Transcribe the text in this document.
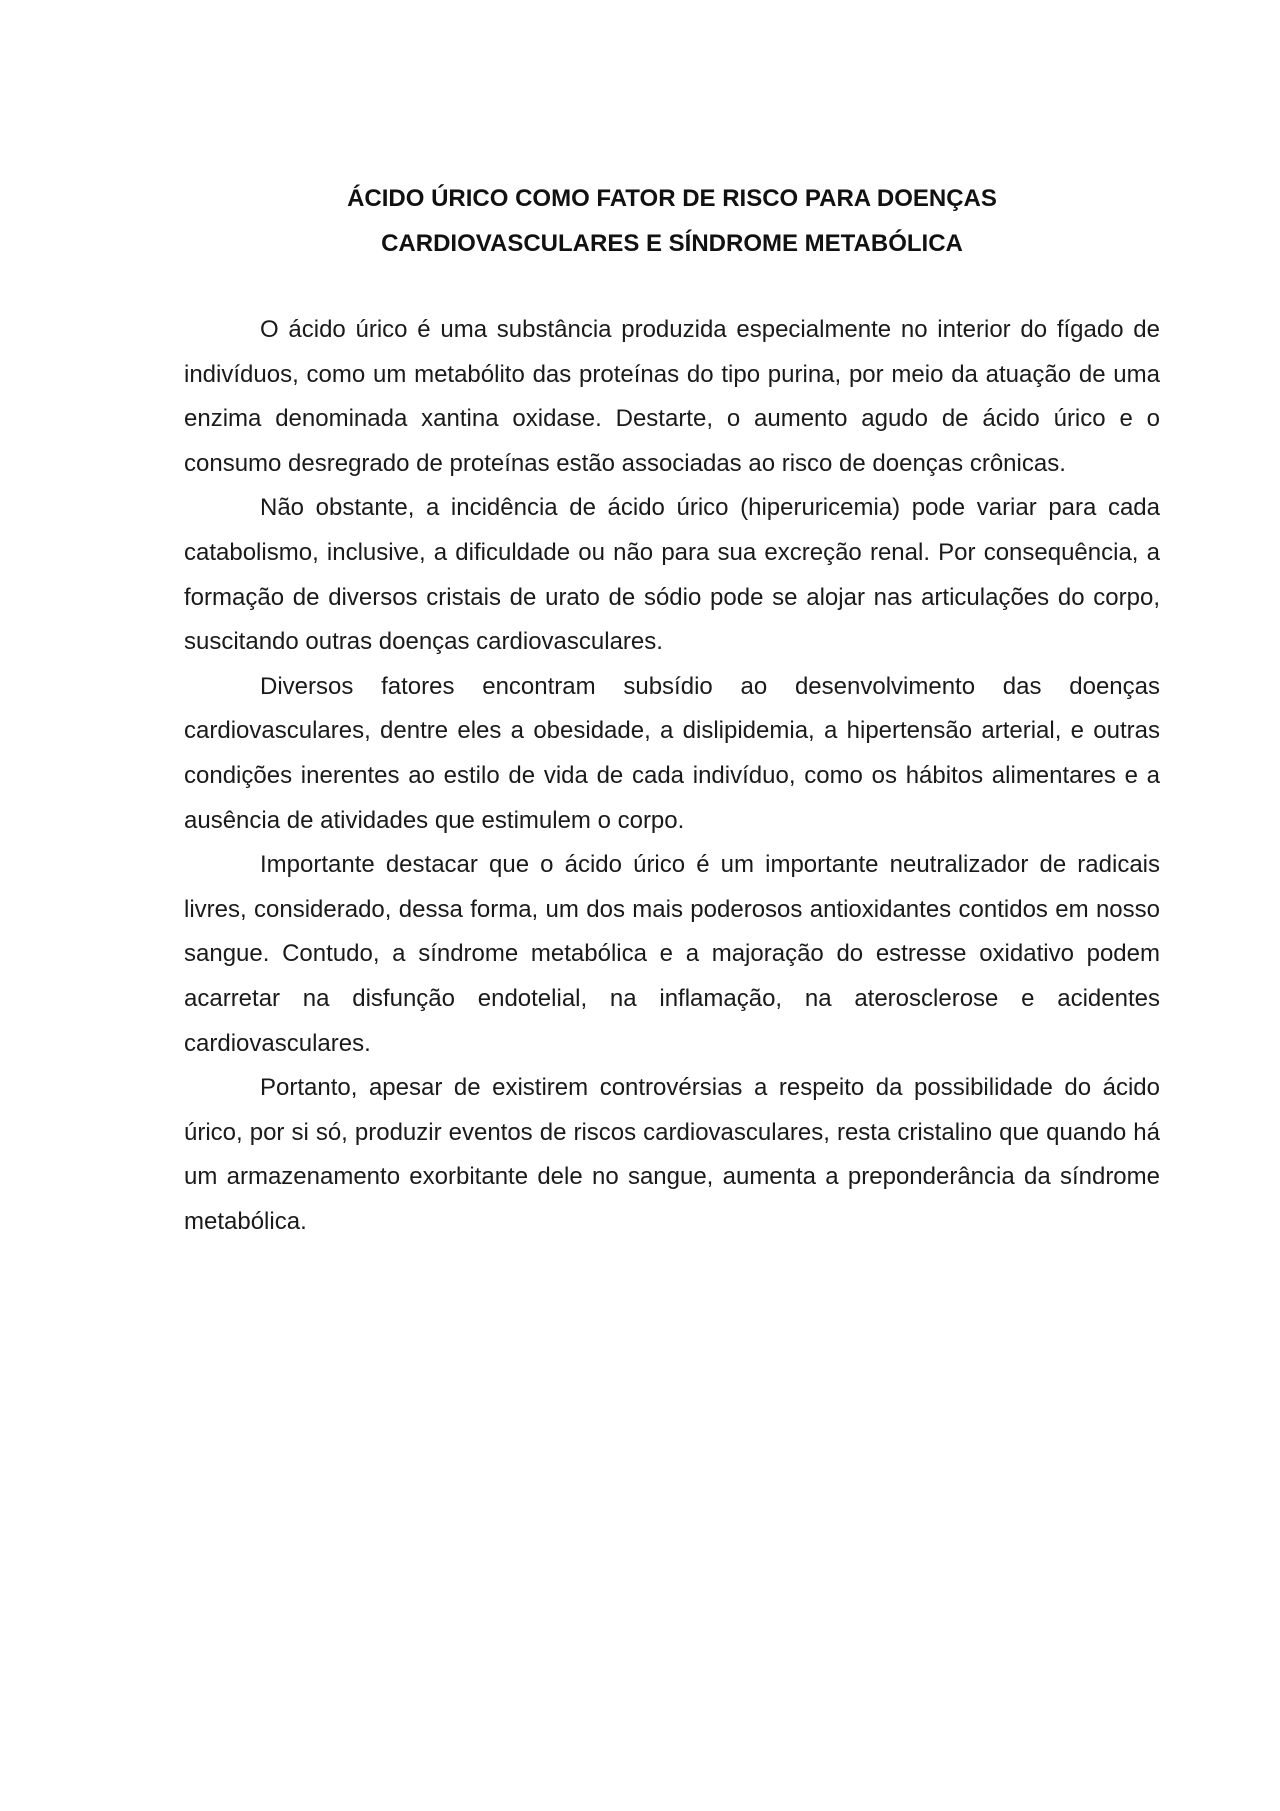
ÁCIDO ÚRICO COMO FATOR DE RISCO PARA DOENÇAS
CARDIOVASCULARES E SÍNDROME METABÓLICA

O ácido úrico é uma substância produzida especialmente no interior do fígado de indivíduos, como um metabólito das proteínas do tipo purina, por meio da atuação de uma enzima denominada xantina oxidase. Destarte, o aumento agudo de ácido úrico e o consumo desregrado de proteínas estão associadas ao risco de doenças crônicas.

Não obstante, a incidência de ácido úrico (hiperuricemia) pode variar para cada catabolismo, inclusive, a dificuldade ou não para sua excreção renal. Por consequência, a formação de diversos cristais de urato de sódio pode se alojar nas articulações do corpo, suscitando outras doenças cardiovasculares.

Diversos fatores encontram subsídio ao desenvolvimento das doenças cardiovasculares, dentre eles a obesidade, a dislipidemia, a hipertensão arterial, e outras condições inerentes ao estilo de vida de cada indivíduo, como os hábitos alimentares e a ausência de atividades que estimulem o corpo.

Importante destacar que o ácido úrico é um importante neutralizador de radicais livres, considerado, dessa forma, um dos mais poderosos antioxidantes contidos em nosso sangue. Contudo, a síndrome metabólica e a majoração do estresse oxidativo podem acarretar na disfunção endotelial, na inflamação, na aterosclerose e acidentes cardiovasculares.

Portanto, apesar de existirem controvérsias a respeito da possibilidade do ácido úrico, por si só, produzir eventos de riscos cardiovasculares, resta cristalino que quando há um armazenamento exorbitante dele no sangue, aumenta a preponderância da síndrome metabólica.
